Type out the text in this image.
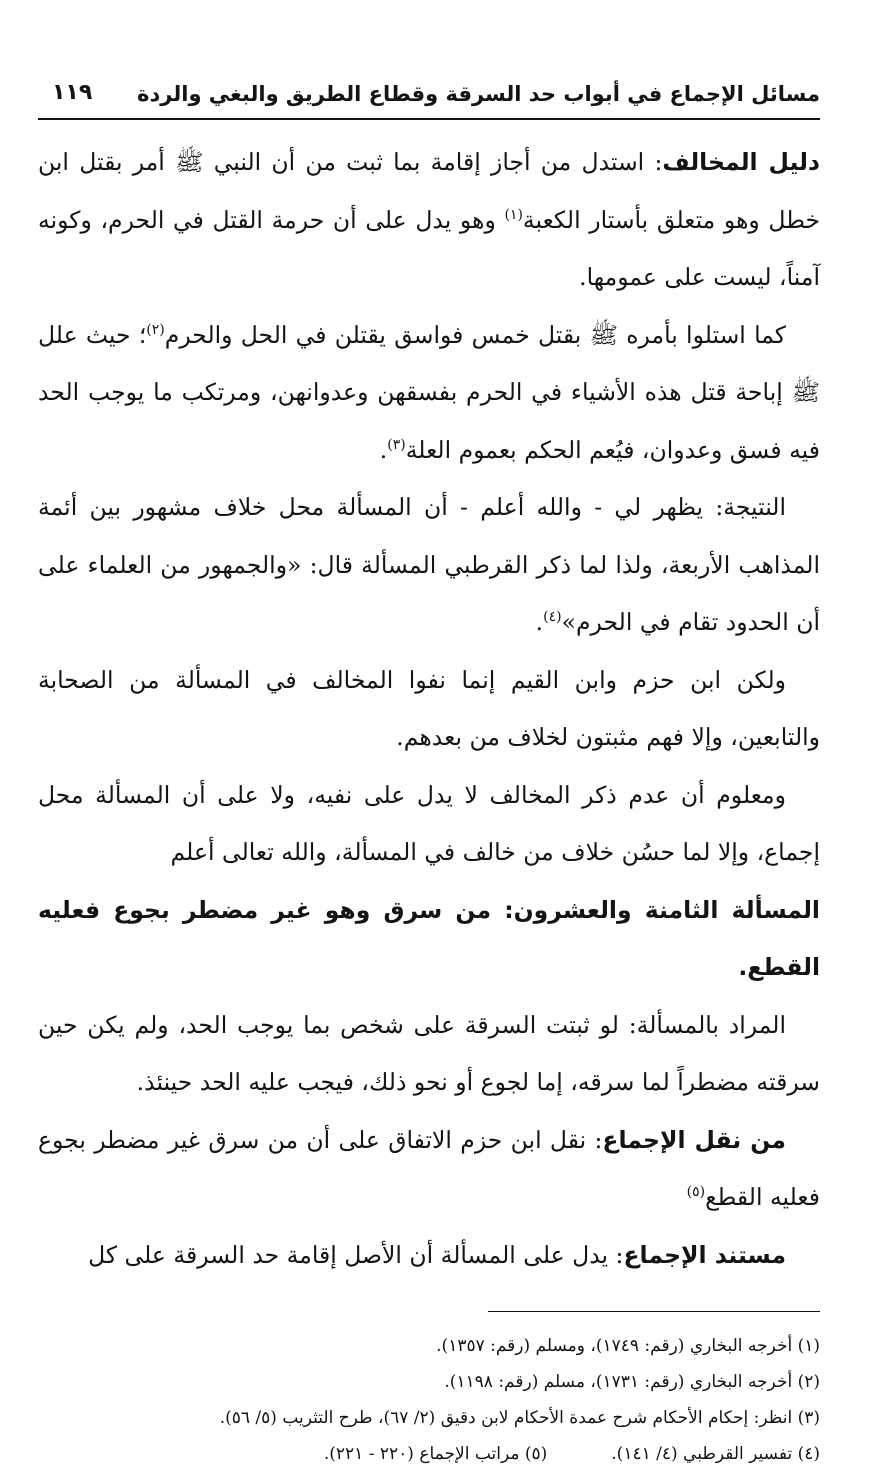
مسائل الإجماع في أبواب حد السرقة وقطاع الطريق والبغي والردة
١١٩

دليل المخالف: استدل من أجاز إقامة بما ثبت من أن النبي ﷺ أمر بقتل ابن خطل وهو متعلق بأستار الكعبة$^{(١)}$ وهو يدل على أن حرمة القتل في الحرم، وكونه آمناً، ليست على عمومها.

كما استلوا بأمره ﷺ بقتل خمس فواسق يقتلن في الحل والحرم$^{(٢)}$؛ حيث علل ﷺ إباحة قتل هذه الأشياء في الحرم بفسقهن وعدوانهن، ومرتكب ما يوجب الحد فيه فسق وعدوان، فيُعم الحكم بعموم العلة$^{(٣)}$.

النتيجة: يظهر لي - والله أعلم - أن المسألة محل خلاف مشهور بين أئمة المذاهب الأربعة، ولذا لما ذكر القرطبي المسألة قال: «والجمهور من العلماء على أن الحدود تقام في الحرم»$^{(٤)}$.

ولكن ابن حزم وابن القيم إنما نفوا المخالف في المسألة من الصحابة والتابعين، وإلا فهم مثبتون لخلاف من بعدهم.

ومعلوم أن عدم ذكر المخالف لا يدل على نفيه، ولا على أن المسألة محل إجماع، وإلا لما حسُن خلاف من خالف في المسألة، والله تعالى أعلم

المسألة الثامنة والعشرون: من سرق وهو غير مضطر بجوع فعليه القطع.

المراد بالمسألة: لو ثبتت السرقة على شخص بما يوجب الحد، ولم يكن حين سرقته مضطراً لما سرقه، إما لجوع أو نحو ذلك، فيجب عليه الحد حينئذ.

من نقل الإجماع: نقل ابن حزم الاتفاق على أن من سرق غير مضطر بجوع فعليه القطع$^{(٥)}$

مستند الإجماع: يدل على المسألة أن الأصل إقامة حد السرقة على كل

(١) أخرجه البخاري (رقم: ١٧٤٩)، ومسلم (رقم: ١٣٥٧).
(٢) أخرجه البخاري (رقم: ١٧٣١)، مسلم (رقم: ١١٩٨).
(٣) انظر: إحكام الأحكام شرح عمدة الأحكام لابن دقيق (٢/ ٦٧)، طرح التثريب (٥/ ٥٦).
(٤) تفسير القرطبي (٤/ ١٤١).
(٥) مراتب الإجماع (٢٢٠ - ٢٢١).
